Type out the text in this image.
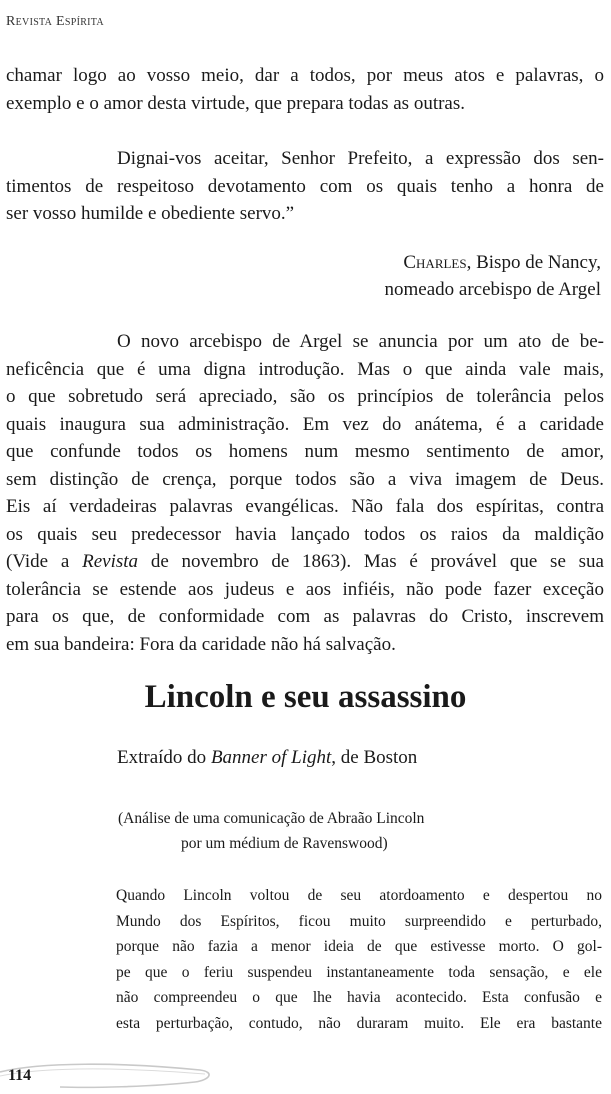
Revista Espírita
chamar logo ao vosso meio, dar a todos, por meus atos e palavras, o
exemplo e o amor desta virtude, que prepara todas as outras.
Dignai-vos aceitar, Senhor Prefeito, a expressão dos sen-
timentos de respeitoso devotamento com os quais tenho a honra de
ser vosso humilde e obediente servo.”
Charles, Bispo de Nancy,
nomeado arcebispo de Argel
O novo arcebispo de Argel se anuncia por um ato de be-
neficência que é uma digna introdução. Mas o que ainda vale mais,
o que sobretudo será apreciado, são os princípios de tolerância pelos
quais inaugura sua administração. Em vez do anátema, é a caridade
que confunde todos os homens num mesmo sentimento de amor,
sem distinção de crença, porque todos são a viva imagem de Deus.
Eis aí verdadeiras palavras evangélicas. Não fala dos espíritas, contra
os quais seu predecessor havia lançado todos os raios da maldição
(Vide a Revista de novembro de 1863). Mas é provável que se sua
tolerância se estende aos judeus e aos infiéis, não pode fazer exceção
para os que, de conformidade com as palavras do Cristo, inscrevem
em sua bandeira: Fora da caridade não há salvação.
Lincoln e seu assassino
Extraído do Banner of Light, de Boston
(Análise de uma comunicação de Abraão Lincoln
por um médium de Ravenswood)
Quando Lincoln voltou de seu atordoamento e despertou no
Mundo dos Espíritos, ficou muito surpreendido e perturbado,
porque não fazia a menor ideia de que estivesse morto. O gol-
pe que o feriu suspendeu instantaneamente toda sensação, e ele
não compreendeu o que lhe havia acontecido. Esta confusão e
esta perturbação, contudo, não duraram muito. Ele era bastante
114
